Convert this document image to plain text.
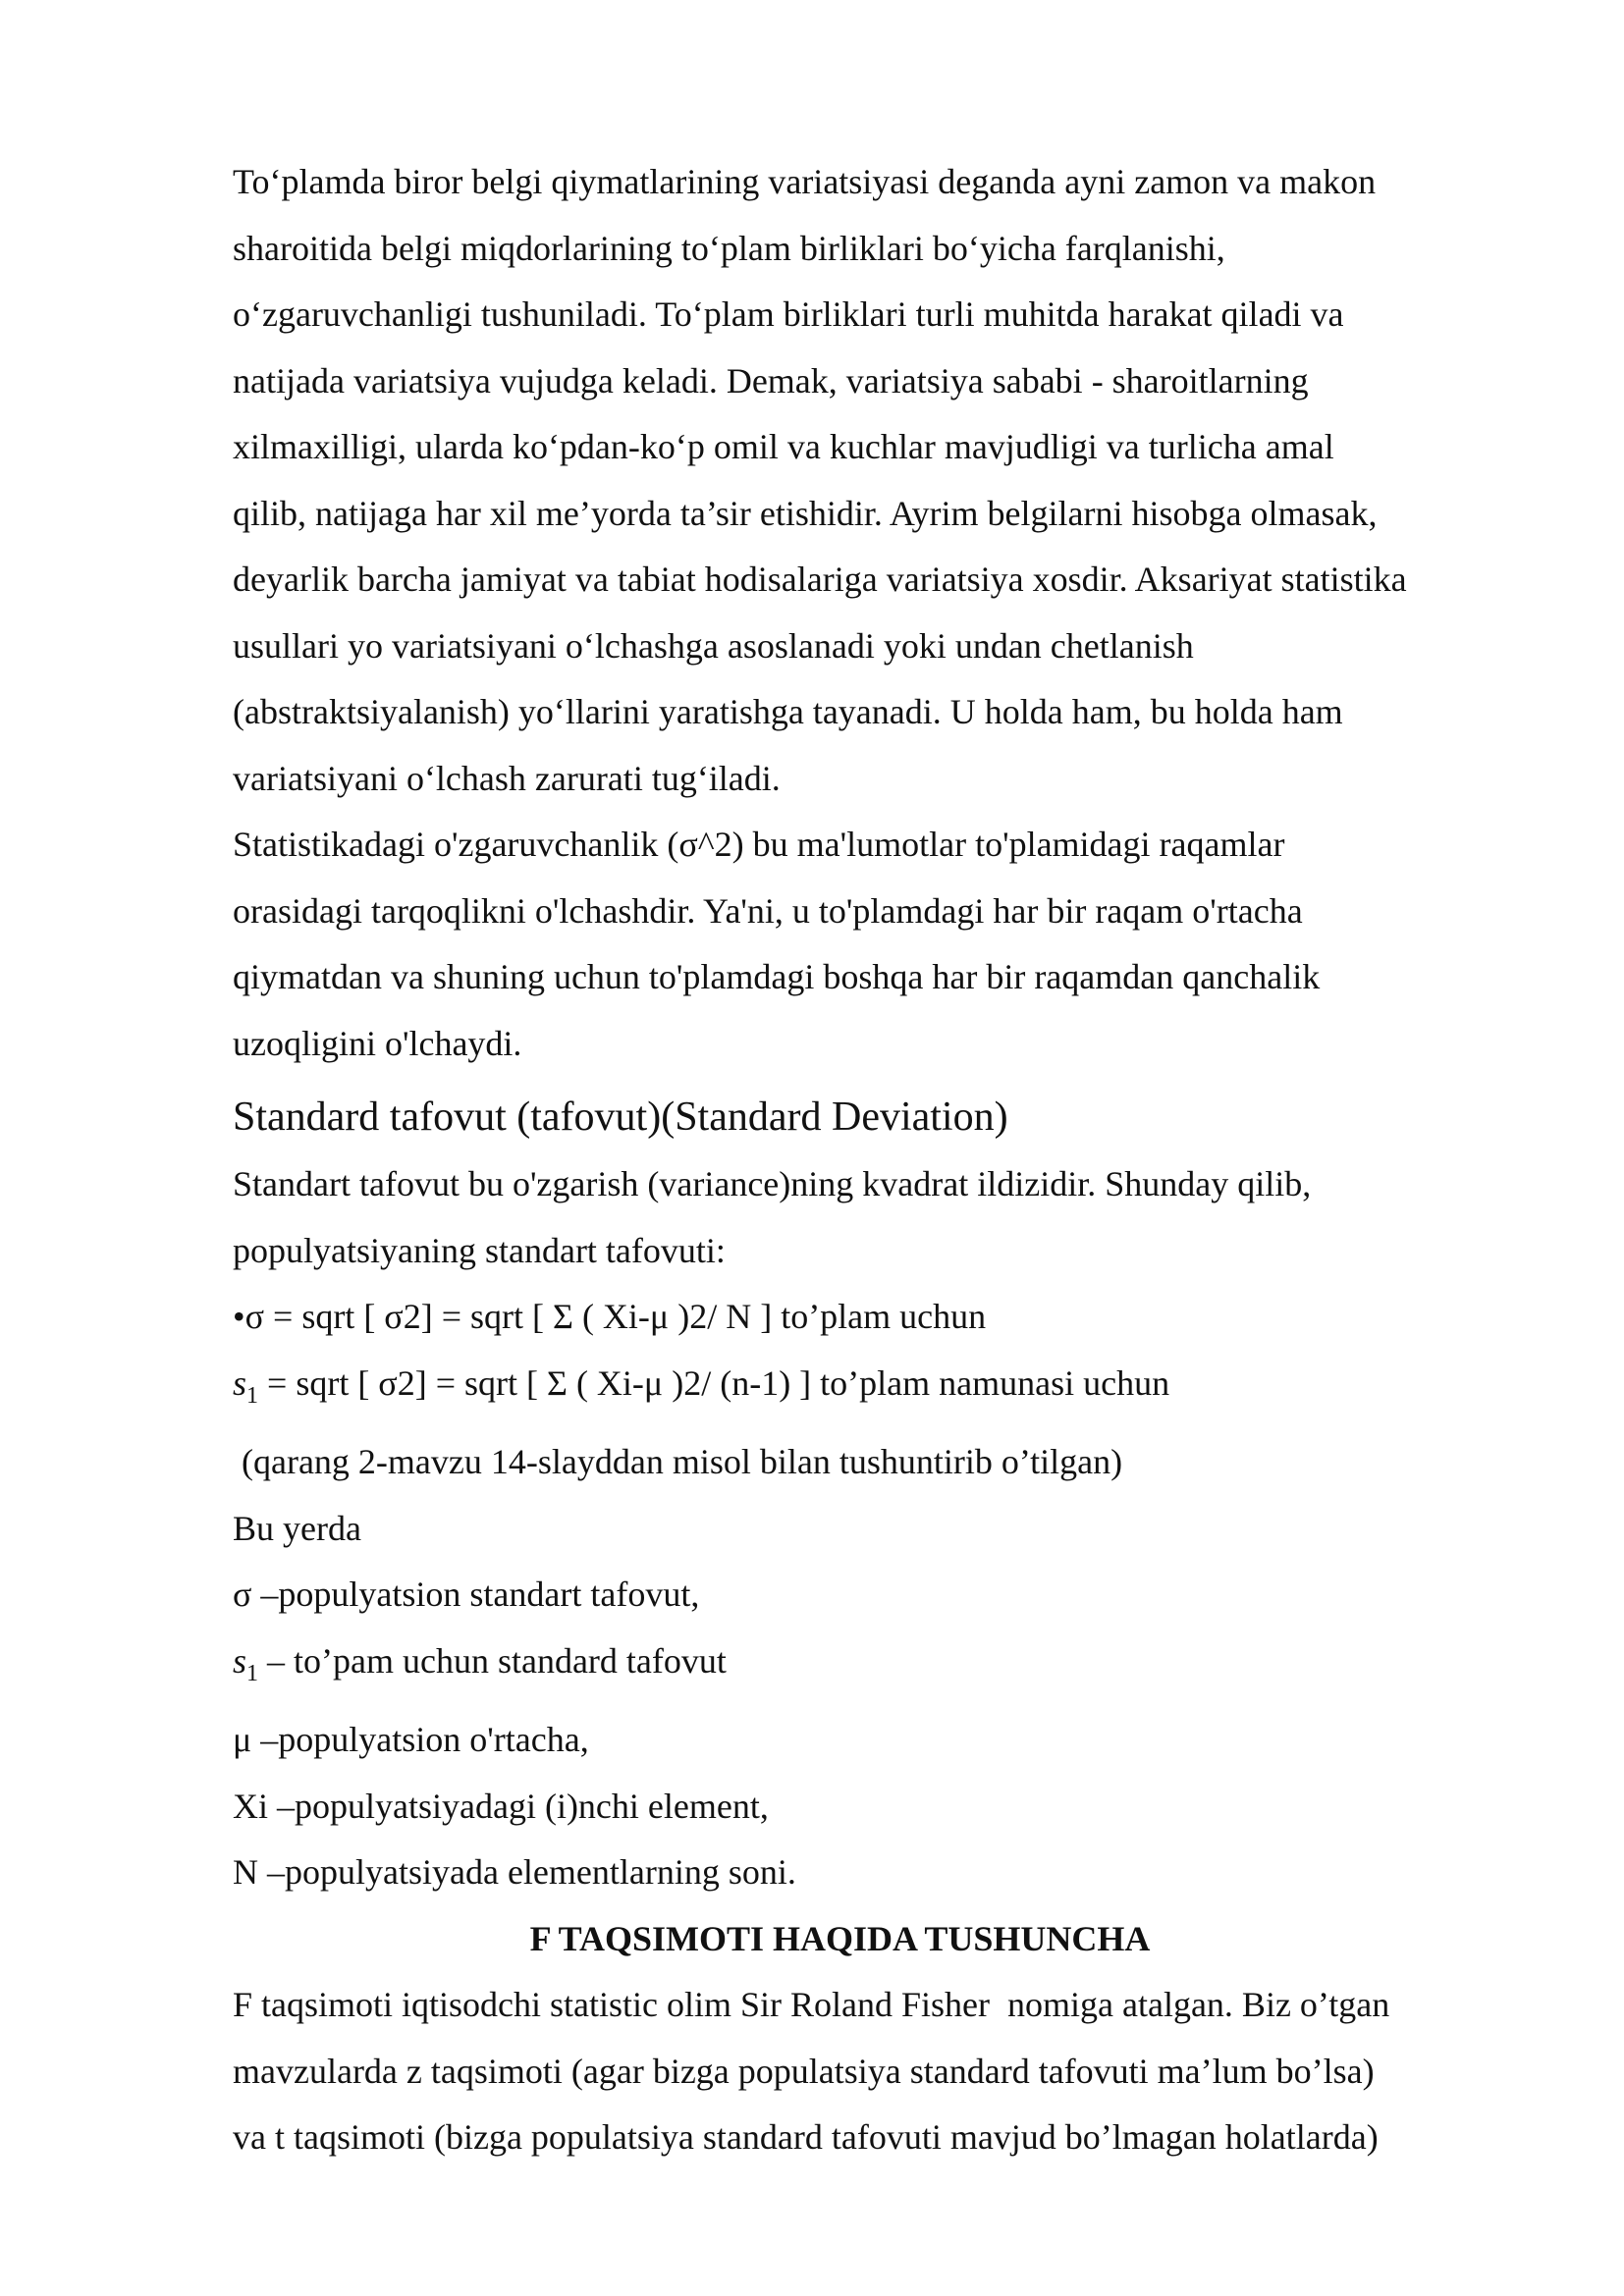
To‘plamda biror belgi qiymatlarining variatsiyasi deganda ayni zamon va makon
sharoitida belgi miqdorlarining to‘plam birliklari bo‘yicha farqlanishi,
o‘zgaruvchanligi tushuniladi. To‘plam birliklari turli muhitda harakat qiladi va
natijada variatsiya vujudga keladi. Demak, variatsiya sababi - sharoitlarning
xilmaxilligi, ularda ko‘pdan-ko‘p omil va kuchlar mavjudligi va turlicha amal
qilib, natijaga har xil me’yorda ta’sir etishidir. Ayrim belgilarni hisobga olmasak,
deyarlik barcha jamiyat va tabiat hodisalariga variatsiya xosdir. Aksariyat statistika
usullari yo variatsiyani o‘lchashga asoslanadi yoki undan chetlanish
(abstraktsiyalanish) yo‘llarini yaratishga tayanadi. U holda ham, bu holda ham
variatsiyani o‘lchash zarurati tug‘iladi.
Statistikadagi o'zgaruvchanlik (σ^2) bu ma'lumotlar to'plamidagi raqamlar
orasidagi tarqoqlikni o'lchashdir. Ya'ni, u to'plamdagi har bir raqam o'rtacha
qiymatdan va shuning uchun to'plamdagi boshqa har bir raqamdan qanchalik
uzoqligini o'lchaydi.
Standard tafovut (tafovut)(Standard Deviation)
Standart tafovut bu o'zgarish (variance)ning kvadrat ildizidir. Shunday qilib,
populyatsiyaning standart tafovuti:
•σ = sqrt [ σ2] = sqrt [ Σ ( Xi-μ )2/ N ] to’plam uchun
$s_1$ = sqrt [ σ2] = sqrt [ Σ ( Xi-μ )2/ (n-1) ] to’plam namunasi uchun
(qarang 2-mavzu 14-slayddan misol bilan tushuntirib o’tilgan)
Bu yerda
σ –populyatsion standart tafovut,
$s_1$ – to’pam uchun standard tafovut
μ –populyatsion o'rtacha,
Xi –populyatsiyadagi (i)nchi element,
N –populyatsiyada elementlarning soni.

F TAQSIMOTI HAQIDA TUSHUNCHA

F taqsimoti iqtisodchi statistic olim Sir Roland Fisher  nomiga atalgan. Biz o’tgan
mavzularda z taqsimoti (agar bizga populatsiya standard tafovuti ma’lum bo’lsa)
va t taqsimoti (bizga populatsiya standard tafovuti mavjud bo’lmagan holatlarda)
